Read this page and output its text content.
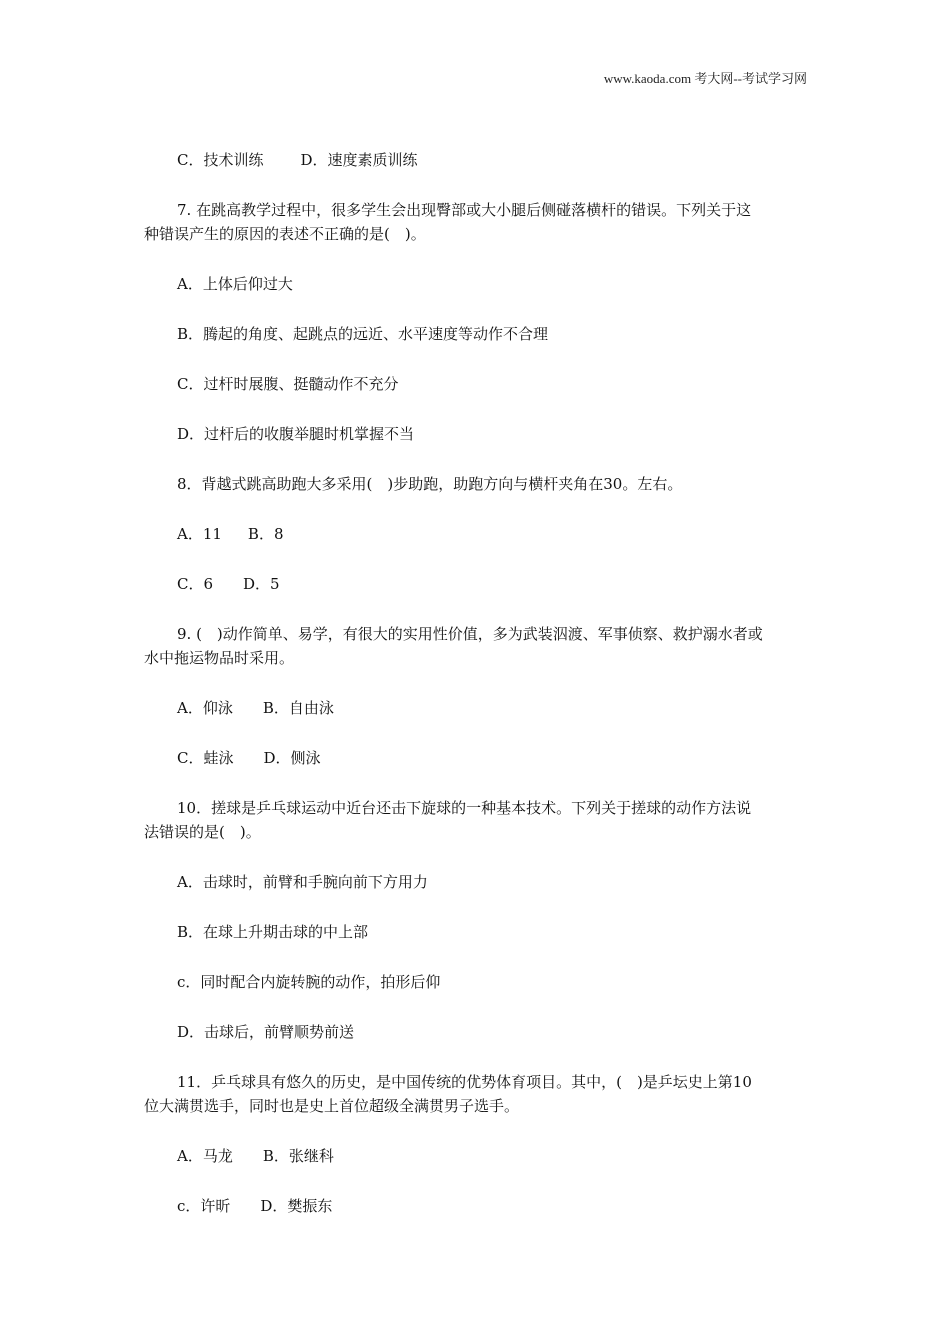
www.kaoda.com 考大网--考试学习网
C．技术训练 D．速度素质训练
7. 在跳高教学过程中，很多学生会出现臀部或大小腿后侧碰落横杆的错误。下列关于这
种错误产生的原因的表述不正确的是(　)。
A．上体后仰过大
B．腾起的角度、起跳点的远近、水平速度等动作不合理
C．过杆时展腹、挺髓动作不充分
D．过杆后的收腹举腿时机掌握不当
8．背越式跳高助跑大多采用(　)步助跑，助跑方向与横杆夹角在30。左右。
A．11 B．8
C．6 D．5
9. (　)动作简单、易学，有很大的实用性价值，多为武装泅渡、军事侦察、救护溺水者或
水中拖运物品时采用。
A．仰泳 B．自由泳
C．蛙泳 D．侧泳
10．搓球是乒乓球运动中近台还击下旋球的一种基本技术。下列关于搓球的动作方法说
法错误的是(　)。
A．击球时，前臂和手腕向前下方用力
B．在球上升期击球的中上部
c．同时配合内旋转腕的动作，拍形后仰
D．击球后，前臂顺势前送
11．乒乓球具有悠久的历史，是中国传统的优势体育项目。其中，(　)是乒坛史上第10
位大满贯选手，同时也是史上首位超级全满贯男子选手。
A．马龙 B．张继科
c．许昕 D．樊振东
